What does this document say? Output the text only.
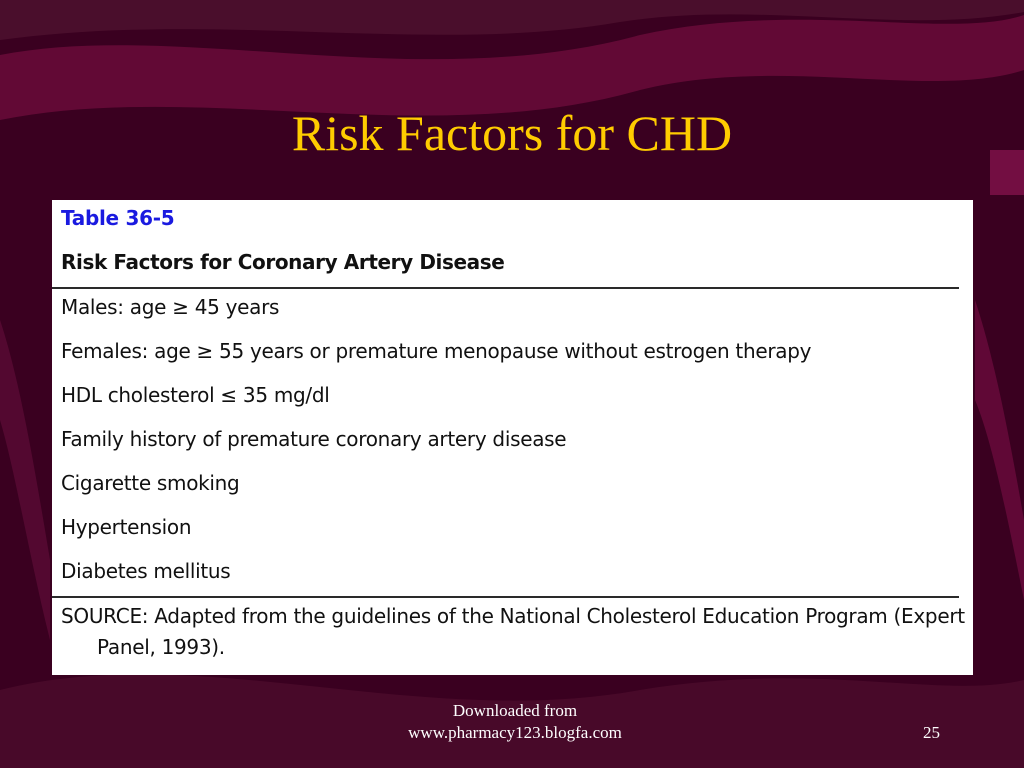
Risk Factors for CHD
Table 36-5
Risk Factors for Coronary Artery Disease
Males: age ≥ 45 years
Females: age ≥ 55 years or premature menopause without estrogen therapy
HDL cholesterol ≤ 35 mg/dl
Family history of premature coronary artery disease
Cigarette smoking
Hypertension
Diabetes mellitus
SOURCE: Adapted from the guidelines of the National Cholesterol Education Program (Expert Panel, 1993).
Downloaded from
www.pharmacy123.blogfa.com	25
